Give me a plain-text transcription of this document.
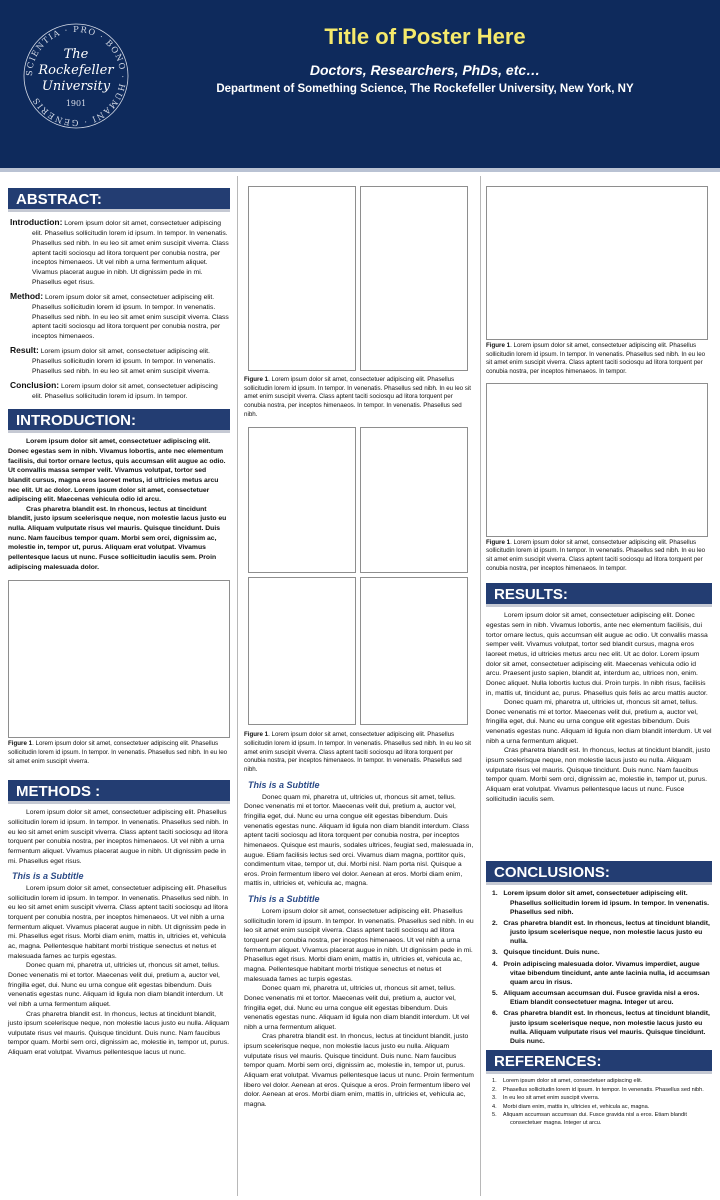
SCIENTIA · PRO · BONO · HUMANI · GENERIS
The
Rockefeller
University
1901
Title of Poster Here
Doctors, Researchers, PhDs, etc…
Department of Something Science, The Rockefeller University, New York, NY
ABSTRACT:
Introduction: Lorem ipsum dolor sit amet, consectetuer adipiscing elit. Phasellus sollicitudin lorem id ipsum. In tempor. In venenatis. Phasellus sed nibh. In eu leo sit amet enim suscipit viverra. Class aptent taciti sociosqu ad litora torquent per conubia nostra, per inceptos himenaeos. Ut vel nibh a urna fermentum aliquet. Vivamus placerat augue in nibh. Ut dignissim pede in mi. Phasellus eget risus.
Method: Lorem ipsum dolor sit amet, consectetuer adipiscing elit. Phasellus sollicitudin lorem id ipsum. In tempor. In venenatis. Phasellus sed nibh. In eu leo sit amet enim suscipit viverra. Class aptent taciti sociosqu ad litora torquent per conubia nostra, per inceptos himenaeos.
Result: Lorem ipsum dolor sit amet, consectetuer adipiscing elit. Phasellus sollicitudin lorem id ipsum. In tempor. In venenatis. Phasellus sed nibh. In eu leo sit amet enim suscipit viverra.
Conclusion: Lorem ipsum dolor sit amet, consectetuer adipiscing elit. Phasellus sollicitudin lorem id ipsum. In tempor.
INTRODUCTION:

Lorem ipsum dolor sit amet, consectetuer adipiscing elit. Donec egestas sem in nibh. Vivamus lobortis, ante nec elementum facilisis, dui tortor ornare lectus, quis accumsan elit augue ac odio. Ut convallis massa semper velit. Vivamus volutpat, tortor sed blandit cursus, magna eros laoreet metus, id ultricies metus arcu nec elit. Ut ac dolor. Lorem ipsum dolor sit amet, consectetuer adipiscing elit. Maecenas vehicula odio id arcu.

Cras pharetra blandit est. In rhoncus, lectus at tincidunt blandit, justo ipsum scelerisque neque, non molestie lacus justo eu nulla. Aliquam vulputate risus vel mauris. Quisque tincidunt. Duis nunc. Nam faucibus tempor quam. Morbi sem orci, dignissim ac, molestie in, tempor ut, purus. Aliquam erat volutpat. Vivamus pellentesque lacus ut nunc. Fusce sollicitudin iaculis sem. Proin adipiscing malesuada dolor.

Figure 1. Lorem ipsum dolor sit amet, consectetuer adipiscing elit. Phasellus sollicitudin lorem id ipsum. In tempor. In venenatis. Phasellus sed nibh. In eu leo sit amet enim suscipit viverra.

METHODS :

Lorem ipsum dolor sit amet, consectetuer adipiscing elit. Phasellus sollicitudin lorem id ipsum. In tempor. In venenatis. Phasellus sed nibh. In eu leo sit amet enim suscipit viverra. Class aptent taciti sociosqu ad litora torquent per conubia nostra, per inceptos himenaeos. Ut vel nibh a urna fermentum aliquet. Vivamus placerat augue in nibh. Ut dignissim pede in mi. Phasellus eget risus.

This is a Subtitle

Lorem ipsum dolor sit amet, consectetuer adipiscing elit. Phasellus sollicitudin lorem id ipsum. In tempor. In venenatis. Phasellus sed nibh. In eu leo sit amet enim suscipit viverra. Class aptent taciti sociosqu ad litora torquent per conubia nostra, per inceptos himenaeos. Ut vel nibh a urna fermentum aliquet. Vivamus placerat augue in nibh. Ut dignissim pede in mi. Phasellus eget risus. Morbi diam enim, mattis in, ultricies et, vehicula ac, magna. Pellentesque habitant morbi tristique senectus et netus et malesuada fames ac turpis egestas.

Donec quam mi, pharetra ut, ultricies ut, rhoncus sit amet, tellus. Donec venenatis mi et tortor. Maecenas velit dui, pretium a, auctor vel, fringilla eget, dui. Nunc eu urna congue elit egestas bibendum. Duis venenatis egestas nunc. Aliquam id ligula non diam blandit interdum. Ut vel nibh a urna fermentum aliquet.

Cras pharetra blandit est. In rhoncus, lectus at tincidunt blandit, justo ipsum scelerisque neque, non molestie lacus justo eu nulla. Aliquam vulputate risus vel mauris. Quisque tincidunt. Duis nunc. Nam faucibus tempor quam. Morbi sem orci, dignissim ac, molestie in, tempor ut, purus. Aliquam erat volutpat. Vivamus pellentesque lacus ut nunc.

Figure 1. Lorem ipsum dolor sit amet, consectetuer adipiscing elit. Phasellus sollicitudin lorem id ipsum. In tempor. In venenatis. Phasellus sed nibh. In eu leo sit amet enim suscipit viverra. Class aptent taciti sociosqu ad litora torquent per conubia nostra, per inceptos himenaeos. In tempor. In venenatis. Phasellus sed nibh.

Figure 1. Lorem ipsum dolor sit amet, consectetuer adipiscing elit. Phasellus sollicitudin lorem id ipsum. In tempor. In venenatis. Phasellus sed nibh. In eu leo sit amet enim suscipit viverra. Class aptent taciti sociosqu ad litora torquent per conubia nostra, per inceptos himenaeos. In tempor. In venenatis. Phasellus sed nibh.

This is a Subtitle

Donec quam mi, pharetra ut, ultricies ut, rhoncus sit amet, tellus. Donec venenatis mi et tortor. Maecenas velit dui, pretium a, auctor vel, fringilla eget, dui. Nunc eu urna congue elit egestas bibendum. Duis venenatis egestas nunc. Aliquam id ligula non diam blandit interdum. Class aptent taciti sociosqu ad litora torquent per conubia nostra, per inceptos himenaeos. Quisque est mauris, sodales ultrices, feugiat sed, malesuada in, augue. Etiam facilisis lectus sed orci. Vivamus diam magna, porttitor quis, condimentum vitae, tempor ut, dui. Morbi nisl. Nam porta nisl. Quisque a eros. Proin fermentum libero vel dolor. Aenean at eros. Morbi diam enim, mattis in, ultricies et, vehicula ac, magna.

This is a Subtitle

Lorem ipsum dolor sit amet, consectetuer adipiscing elit. Phasellus sollicitudin lorem id ipsum. In tempor. In venenatis. Phasellus sed nibh. In eu leo sit amet enim suscipit viverra. Class aptent taciti sociosqu ad litora torquent per conubia nostra, per inceptos himenaeos. Ut vel nibh a urna fermentum aliquet. Vivamus placerat augue in nibh. Ut dignissim pede in mi. Phasellus eget risus. Morbi diam enim, mattis in, ultricies et, vehicula ac, magna. Pellentesque habitant morbi tristique senectus et netus et malesuada fames ac turpis egestas.

Donec quam mi, pharetra ut, ultricies ut, rhoncus sit amet, tellus. Donec venenatis mi et tortor. Maecenas velit dui, pretium a, auctor vel, fringilla eget, dui. Nunc eu urna congue elit egestas bibendum. Duis venenatis egestas nunc. Aliquam id ligula non diam blandit interdum. Ut vel nibh a urna fermentum aliquet.

Cras pharetra blandit est. In rhoncus, lectus at tincidunt blandit, justo ipsum scelerisque neque, non molestie lacus justo eu nulla. Aliquam vulputate risus vel mauris. Quisque tincidunt. Duis nunc. Nam faucibus tempor quam. Morbi sem orci, dignissim ac, molestie in, tempor ut, purus. Aliquam erat volutpat. Vivamus pellentesque lacus ut nunc. Proin fermentum libero vel dolor. Aenean at eros. Quisque a eros. Proin fermentum libero vel dolor. Aenean at eros. Morbi diam enim, mattis in, ultricies et, vehicula ac, magna.

Figure 1. Lorem ipsum dolor sit amet, consectetuer adipiscing elit. Phasellus sollicitudin lorem id ipsum. In tempor. In venenatis. Phasellus sed nibh. In eu leo sit amet enim suscipit viverra. Class aptent taciti sociosqu ad litora torquent per conubia nostra, per inceptos himenaeos. In tempor.

Figure 1. Lorem ipsum dolor sit amet, consectetuer adipiscing elit. Phasellus sollicitudin lorem id ipsum. In tempor. In venenatis. Phasellus sed nibh. In eu leo sit amet enim suscipit viverra. Class aptent taciti sociosqu ad litora torquent per conubia nostra, per inceptos himenaeos. In tempor.

RESULTS:

Lorem ipsum dolor sit amet, consectetuer adipiscing elit. Donec egestas sem in nibh. Vivamus lobortis, ante nec elementum facilisis, dui tortor ornare lectus, quis accumsan elit augue ac odio. Ut convallis massa semper velit. Vivamus volutpat, tortor sed blandit cursus, magna eros laoreet metus, id ultricies metus arcu nec elit. Ut ac dolor. Lorem ipsum dolor sit amet, consectetuer adipiscing elit. Maecenas vehicula odio id arcu. Praesent justo sapien, blandit at, interdum ac, ultrices non, enim. Donec aliquet. Nulla lobortis luctus dui. Proin turpis. In nibh risus, facilisis in, mattis ut, tincidunt ac, purus. Phasellus quis felis ac arcu mattis auctor.

Donec quam mi, pharetra ut, ultricies ut, rhoncus sit amet, tellus. Donec venenatis mi et tortor. Maecenas velit dui, pretium a, auctor vel, fringilla eget, dui. Nunc eu urna congue elit egestas bibendum. Duis venenatis egestas nunc. Aliquam id ligula non diam blandit interdum. Ut vel nibh a urna fermentum aliquet.

Cras pharetra blandit est. In rhoncus, lectus at tincidunt blandit, justo ipsum scelerisque neque, non molestie lacus justo eu nulla. Aliquam vulputate risus vel mauris. Quisque tincidunt. Duis nunc. Nam faucibus tempor quam. Morbi sem orci, dignissim ac, molestie in, tempor ut, purus. Aliquam erat volutpat. Vivamus pellentesque lacus ut nunc. Fusce sollicitudin iaculis sem.

CONCLUSIONS:
1.   Lorem ipsum dolor sit amet, consectetuer adipiscing elit. Phasellus sollicitudin lorem id ipsum. In tempor. In venenatis. Phasellus sed nibh.
2.   Cras pharetra blandit est. In rhoncus, lectus at tincidunt blandit, justo ipsum scelerisque neque, non molestie lacus justo eu nulla.
3.   Quisque tincidunt. Duis nunc.
4.   Proin adipiscing malesuada dolor. Vivamus imperdiet, augue vitae bibendum tincidunt, ante ante lacinia nulla, id accumsan quam arcu in risus.
5.   Aliquam accumsan accumsan dui. Fusce gravida nisl a eros. Etiam blandit consectetuer magna. Integer ut arcu.
6.   Cras pharetra blandit est. In rhoncus, lectus at tincidunt blandit, justo ipsum scelerisque neque, non molestie lacus justo eu nulla. Aliquam vulputate risus vel mauris. Quisque tincidunt. Duis nunc.
REFERENCES:
1.    Lorem ipsum dolor sit amet, consectetuer adipiscing elit.
2.    Phasellus sollicitudin lorem id ipsum. In tempor. In venenatis. Phasellus sed nibh.
3.    In eu leo sit amet enim suscipit viverra.
4.    Morbi diam enim, mattis in, ultricies et, vehicula ac, magna.
5.    Aliquam accumsan accumsan dui. Fusce gravida nisl a eros. Etiam blandit consectetuer magna. Integer ut arcu.
